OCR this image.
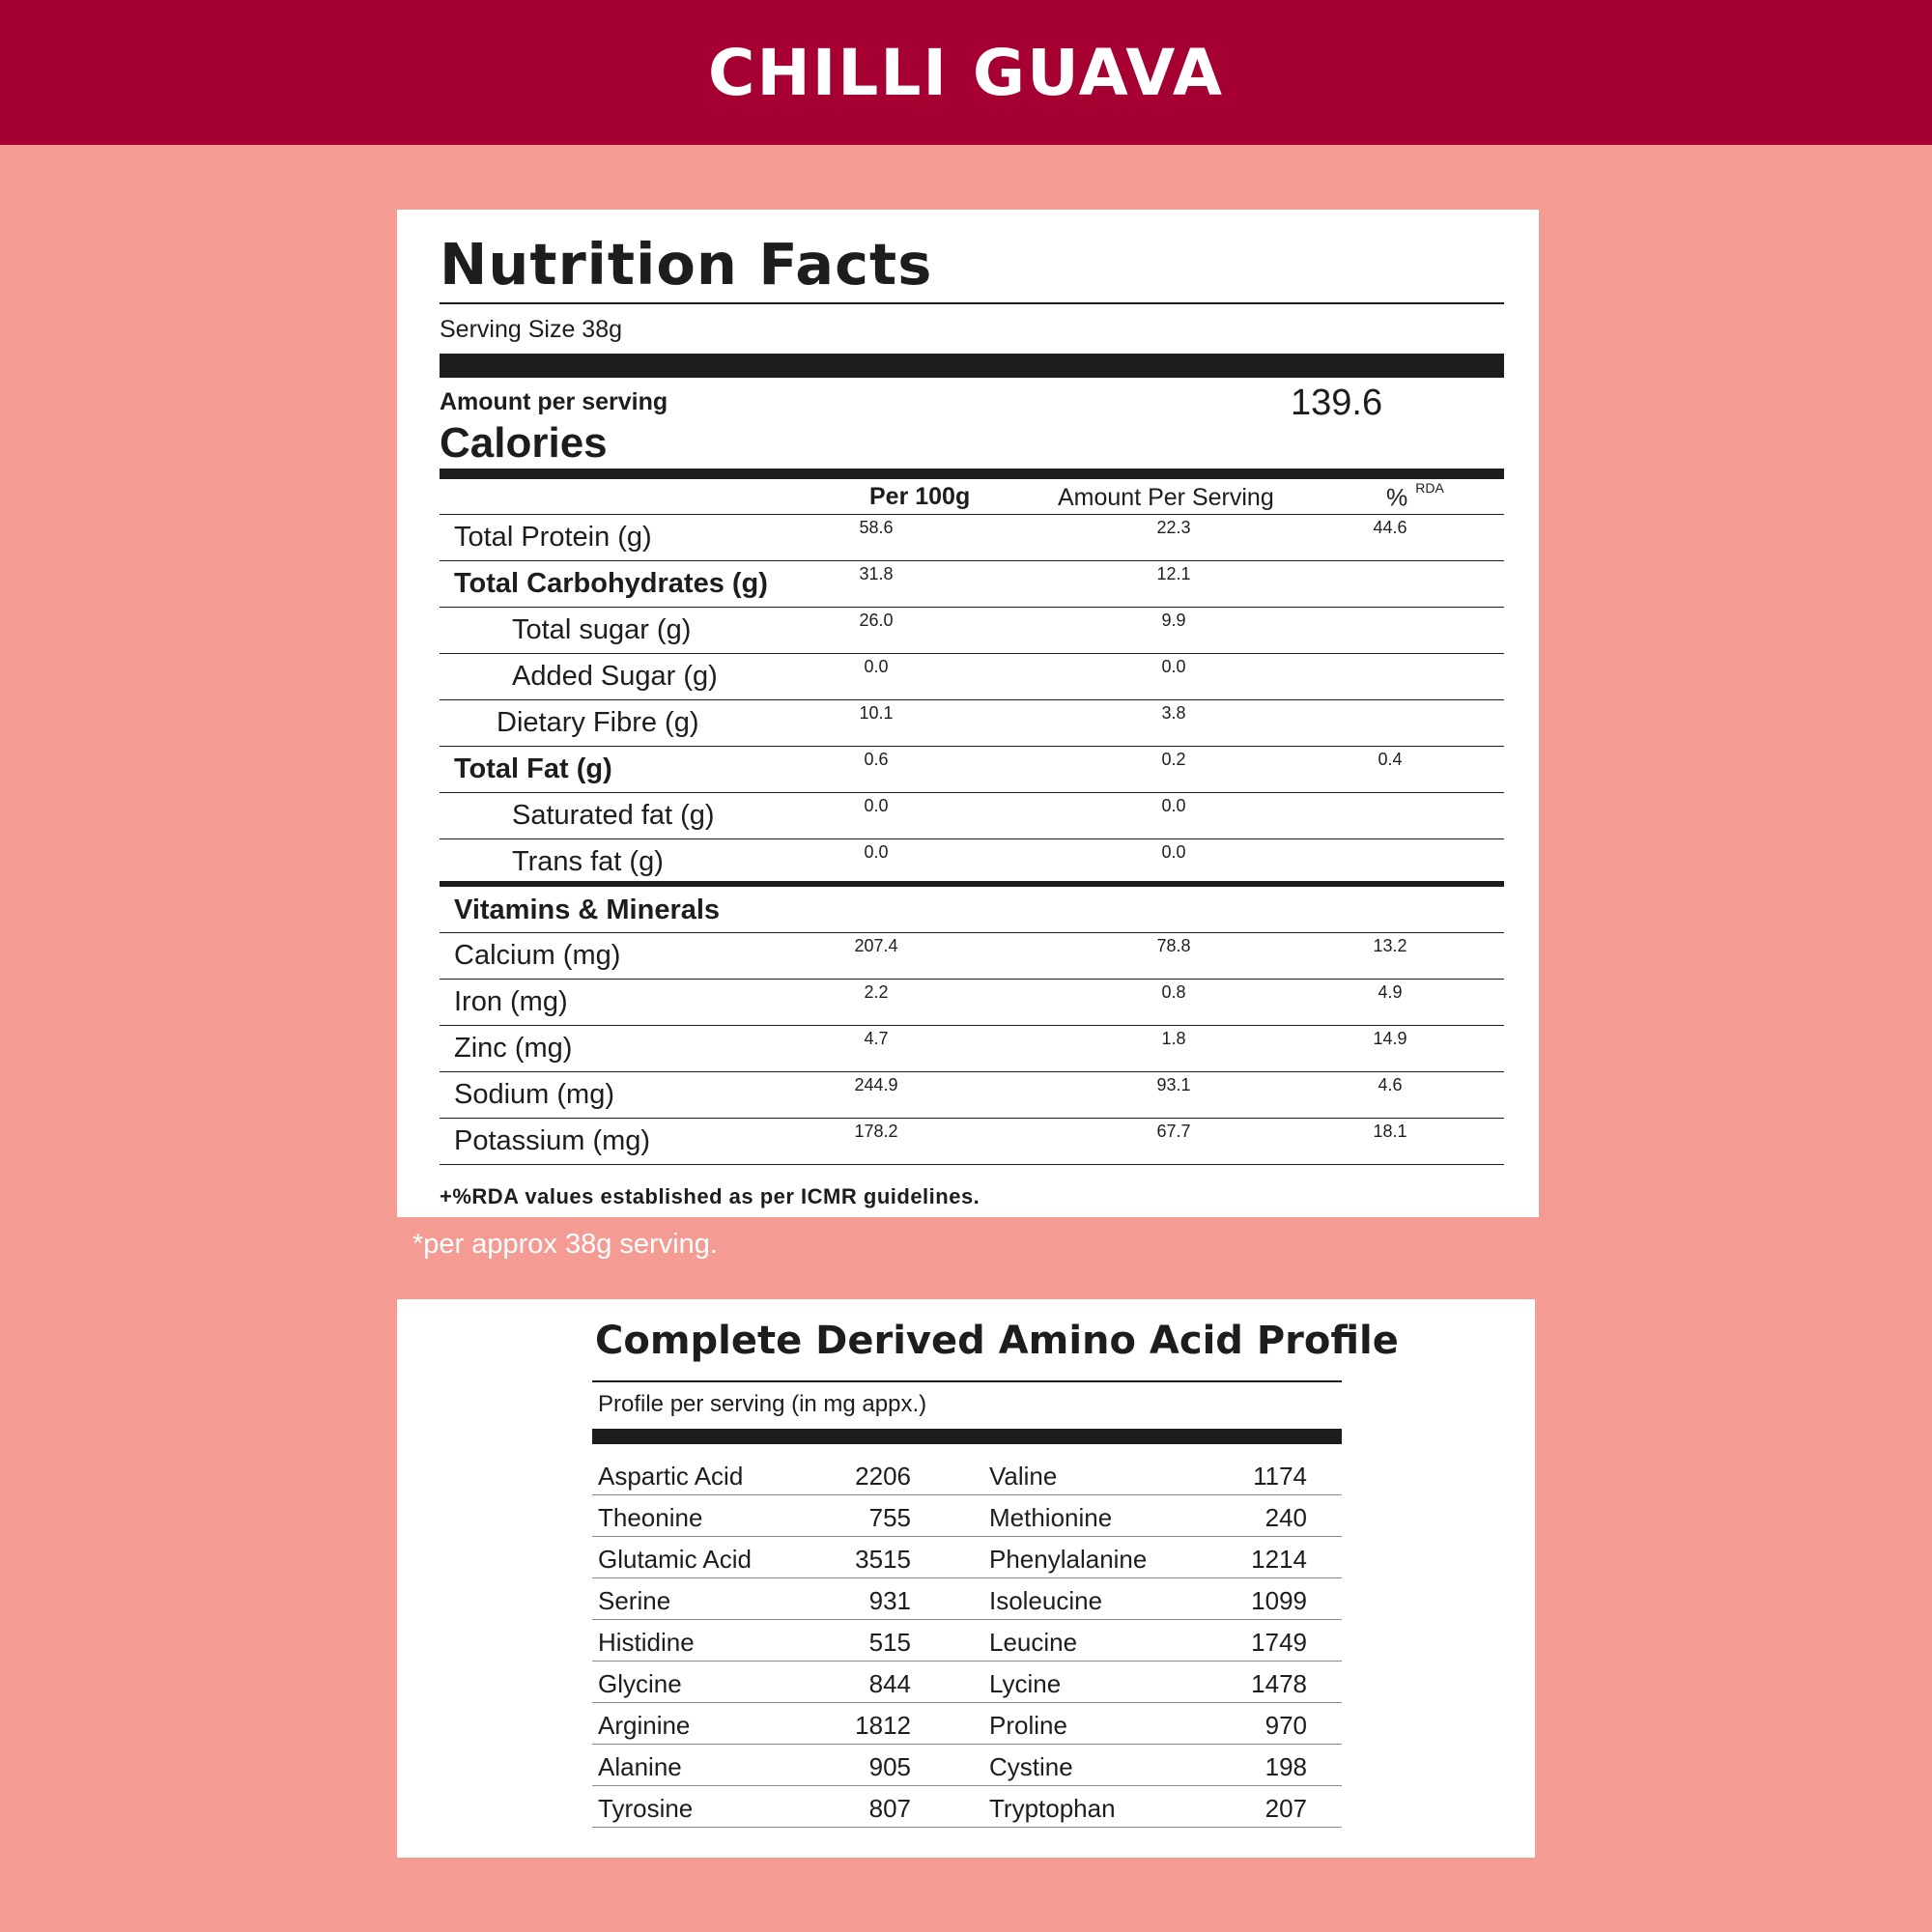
CHILLI GUAVA
Nutrition Facts
Serving Size 38g
Amount per serving
Calories
139.6
Per 100g	Amount Per Serving	% $^{RDA}$
Total Protein (g)	58.6	22.3	44.6
Total Carbohydrates (g)	31.8	12.1
Total sugar (g)	26.0	9.9
Added Sugar (g)	0.0	0.0
Dietary Fibre (g)	10.1	3.8
Total Fat (g)	0.6	0.2	0.4
Saturated fat (g)	0.0	0.0
Trans fat (g)	0.0	0.0
Vitamins & Minerals
Calcium (mg)	207.4	78.8	13.2
Iron (mg)	2.2	0.8	4.9
Zinc (mg)	4.7	1.8	14.9
Sodium (mg)	244.9	93.1	4.6
Potassium (mg)	178.2	67.7	18.1
+%RDA values established as per ICMR guidelines.
*per approx 38g serving.
Complete Derived Amino Acid Profile
Profile per serving (in mg appx.)
Aspartic Acid	2206	Valine	1174
Theonine	755	Methionine	240
Glutamic Acid	3515	Phenylalanine	1214
Serine	931	Isoleucine	1099
Histidine	515	Leucine	1749
Glycine	844	Lycine	1478
Arginine	1812	Proline	970
Alanine	905	Cystine	198
Tyrosine	807	Tryptophan	207
